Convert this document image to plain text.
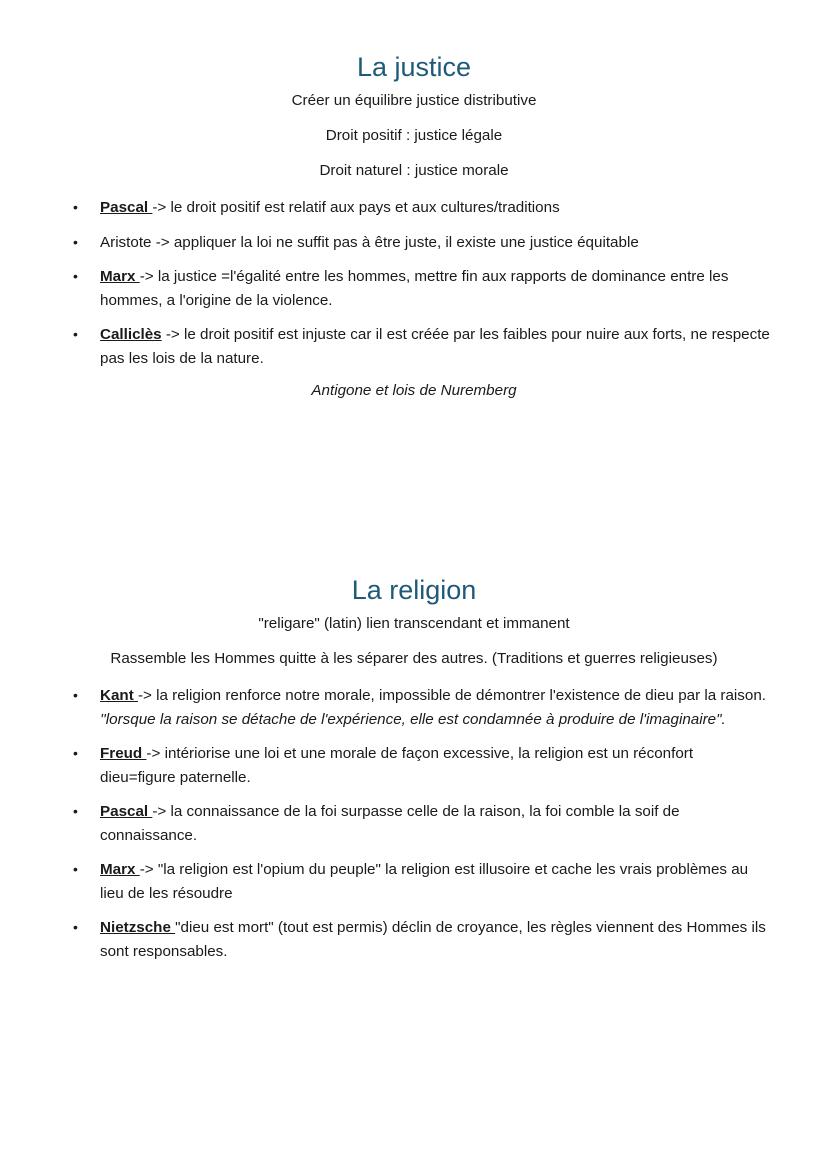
La justice

Créer un équilibre justice distributive

Droit positif : justice légale

Droit naturel : justice morale

• Pascal -> le droit positif est relatif aux pays et aux cultures/traditions
• Aristote -> appliquer la loi ne suffit pas à être juste, il existe une justice équitable
• Marx -> la justice =l'égalité entre les hommes, mettre fin aux rapports de dominance entre les hommes, a l'origine de la violence.
• Calliclès -> le droit positif est injuste car il est créée par les faibles pour nuire aux forts, ne respecte pas les lois de la nature.

Antigone et lois de Nuremberg

La religion

"religare" (latin) lien transcendant et immanent

Rassemble les Hommes quitte à les séparer des autres. (Traditions et guerres religieuses)

• Kant -> la religion renforce notre morale, impossible de démontrer l'existence de dieu par la raison. ''lorsque la raison se détache de l'expérience, elle est condamnée à produire de l'imaginaire".
• Freud -> intériorise une loi et une morale de façon excessive, la religion est un réconfort dieu=figure paternelle.
• Pascal -> la connaissance de la foi surpasse celle de la raison, la foi comble la soif de connaissance.
• Marx -> "la religion est l'opium du peuple" la religion est illusoire et cache les vrais problèmes au lieu de les résoudre
• Nietzsche "dieu est mort" (tout est permis) déclin de croyance, les règles viennent des Hommes ils sont responsables.
